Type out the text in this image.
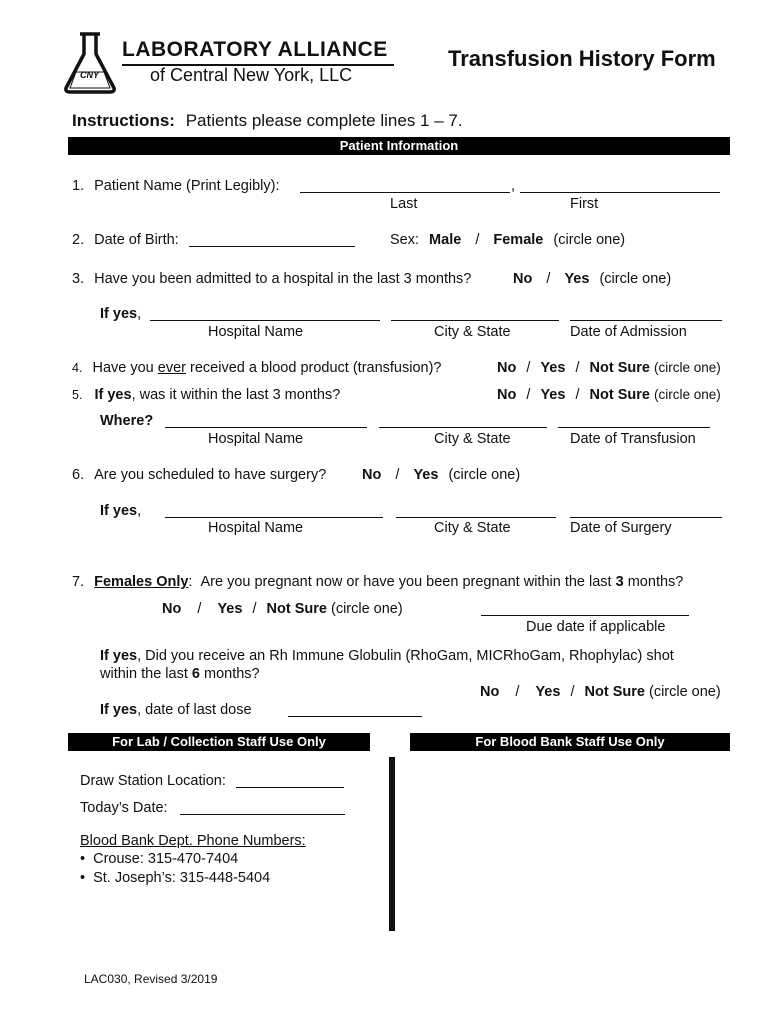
CNY
LABORATORY ALLIANCE
of Central New York, LLC
Transfusion History Form
Instructions: Patients please complete lines 1 – 7.
Patient Information
1. Patient Name (Print Legibly):	,
Last	First
2. Date of Birth:	Sex: Male / Female (circle one)
3. Have you been admitted to a hospital in the last 3 months?	No / Yes (circle one)
If yes,
Hospital Name	City & State	Date of Admission
4. Have you ever received a blood product (transfusion)?	No / Yes / Not Sure (circle one)
5. If yes, was it within the last 3 months?	No / Yes / Not Sure (circle one)
Where?
Hospital Name	City & State	Date of Transfusion
6. Are you scheduled to have surgery? No / Yes (circle one)
If yes,
Hospital Name	City & State	Date of Surgery
7. Females Only: Are you pregnant now or have you been pregnant within the last 3 months?
No / Yes / Not Sure (circle one)
Due date if applicable
If yes, Did you receive an Rh Immune Globulin (RhoGam, MICRhoGam, Rhophylac) shot
within the last 6 months?
No / Yes / Not Sure (circle one)
If yes, date of last dose
For Lab / Collection Staff Use Only	For Blood Bank Staff Use Only
Draw Station Location:
Today’s Date:
Blood Bank Dept. Phone Numbers:
• Crouse: 315-470-7404
• St. Joseph’s: 315-448-5404
LAC030, Revised 3/2019
